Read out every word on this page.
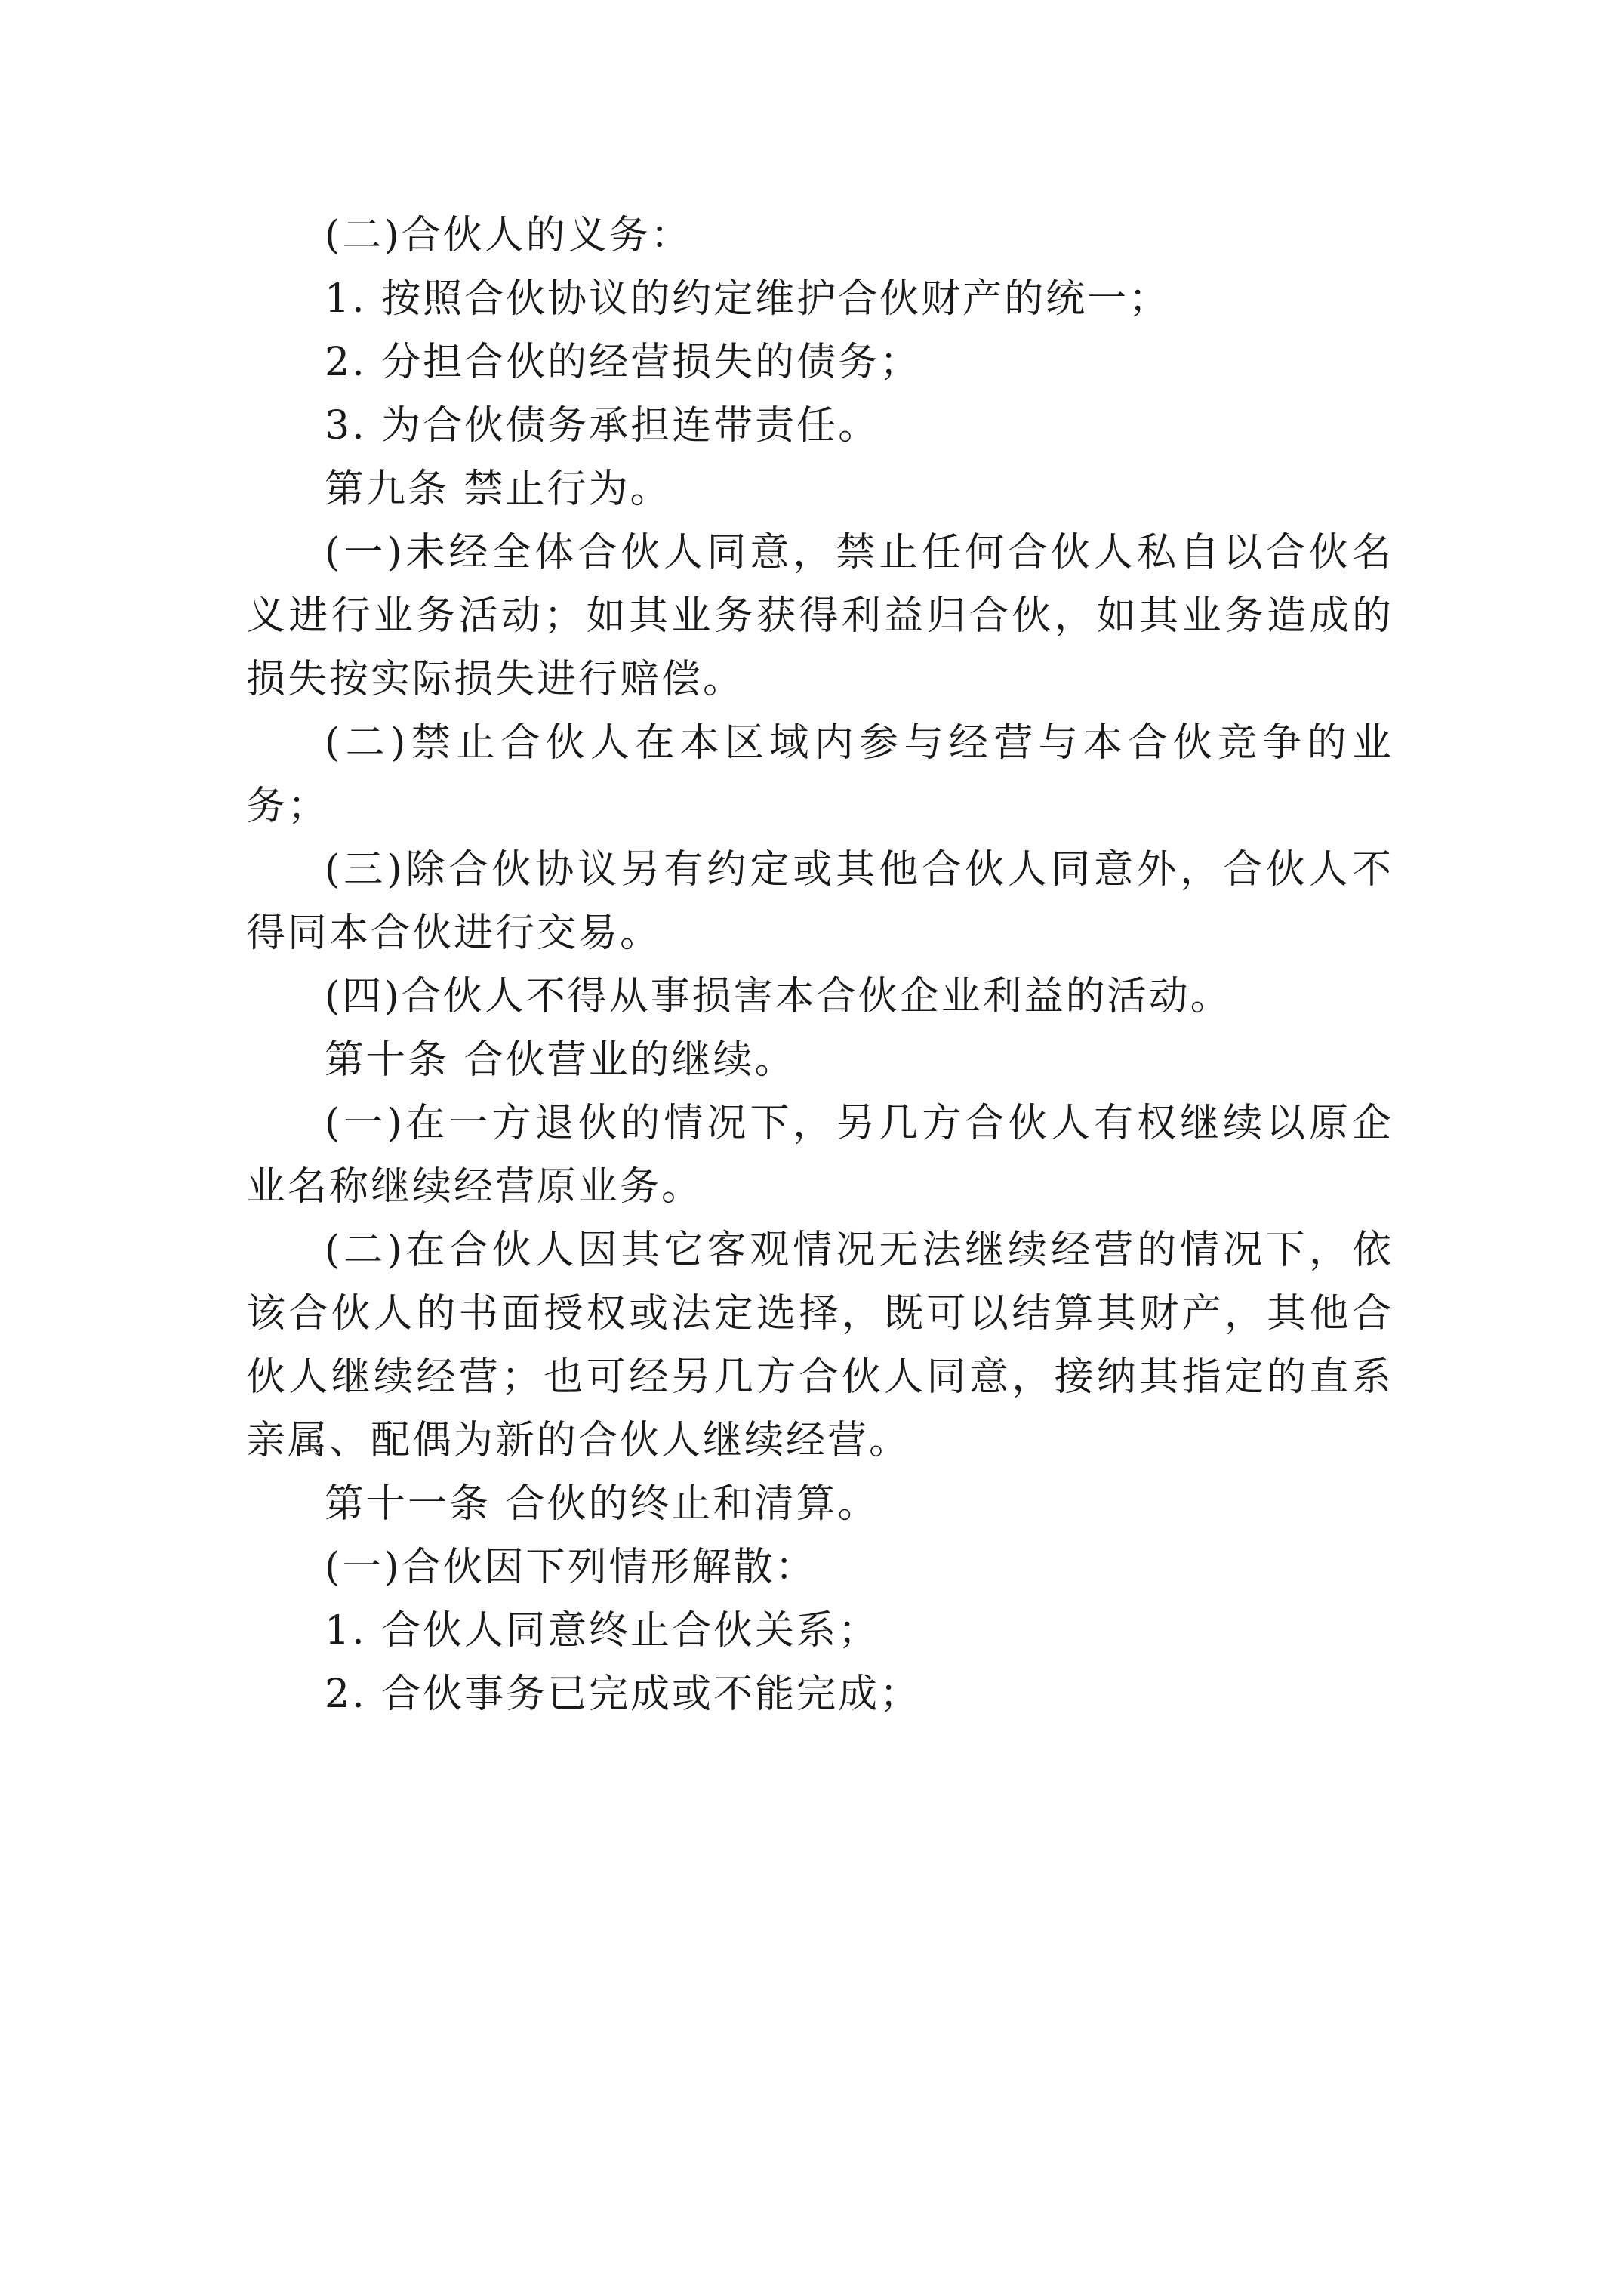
(二)合伙人的义务：

1. 按照合伙协议的约定维护合伙财产的统一；

2. 分担合伙的经营损失的债务；

3. 为合伙债务承担连带责任。

第九条 禁止行为。

(一)未经全体合伙人同意，禁止任何合伙人私自以合伙名义进行业务活动；如其业务获得利益归合伙，如其业务造成的损失按实际损失进行赔偿。

(二)禁止合伙人在本区域内参与经营与本合伙竞争的业务；

(三)除合伙协议另有约定或其他合伙人同意外，合伙人不得同本合伙进行交易。

(四)合伙人不得从事损害本合伙企业利益的活动。

第十条 合伙营业的继续。

(一)在一方退伙的情况下，另几方合伙人有权继续以原企业名称继续经营原业务。

(二)在合伙人因其它客观情况无法继续经营的情况下，依该合伙人的书面授权或法定选择，既可以结算其财产，其他合伙人继续经营；也可经另几方合伙人同意，接纳其指定的直系亲属、配偶为新的合伙人继续经营。

第十一条 合伙的终止和清算。

(一)合伙因下列情形解散：

1. 合伙人同意终止合伙关系；

2. 合伙事务已完成或不能完成；
